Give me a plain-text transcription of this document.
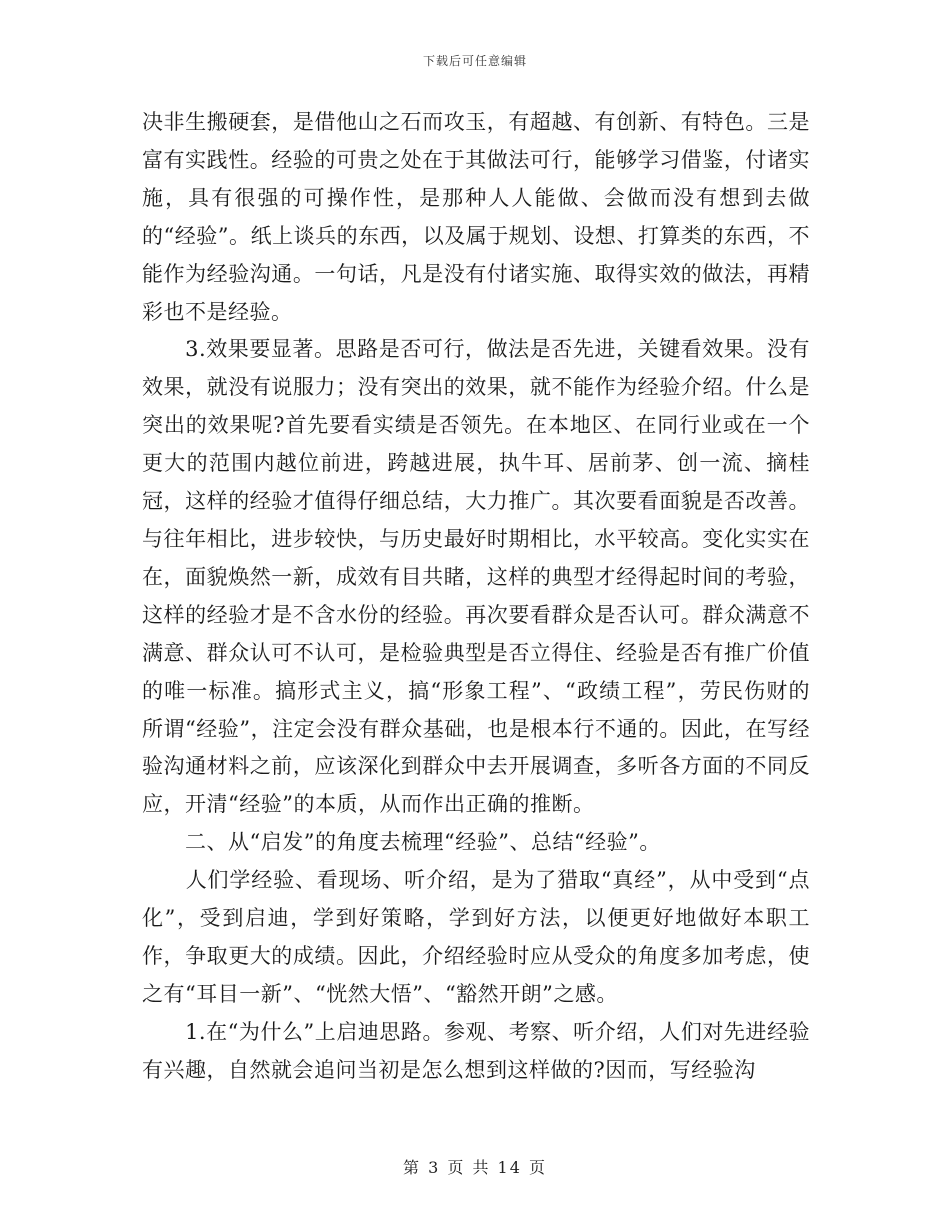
下载后可任意编辑

决非生搬硬套，是借他山之石而攻玉，有超越、有创新、有特色。三是富有实践性。经验的可贵之处在于其做法可行，能够学习借鉴，付诸实施，具有很强的可操作性，是那种人人能做、会做而没有想到去做的“经验”。纸上谈兵的东西，以及属于规划、设想、打算类的东西，不能作为经验沟通。一句话，凡是没有付诸实施、取得实效的做法，再精彩也不是经验。

　　3.效果要显著。思路是否可行，做法是否先进，关键看效果。没有效果，就没有说服力；没有突出的效果，就不能作为经验介绍。什么是突出的效果呢?首先要看实绩是否领先。在本地区、在同行业或在一个更大的范围内越位前进，跨越进展，执牛耳、居前茅、创一流、摘桂冠，这样的经验才值得仔细总结，大力推广。其次要看面貌是否改善。与往年相比，进步较快，与历史最好时期相比，水平较高。变化实实在在，面貌焕然一新，成效有目共睹，这样的典型才经得起时间的考验，这样的经验才是不含水份的经验。再次要看群众是否认可。群众满意不满意、群众认可不认可，是检验典型是否立得住、经验是否有推广价值的唯一标准。搞形式主义，搞“形象工程”、“政绩工程”，劳民伤财的所谓“经验”，注定会没有群众基础，也是根本行不通的。因此，在写经验沟通材料之前，应该深化到群众中去开展调查，多听各方面的不同反应，开清“经验”的本质，从而作出正确的推断。

　　二、从“启发”的角度去梳理“经验”、总结“经验”。

　　人们学经验、看现场、听介绍，是为了猎取“真经”，从中受到“点化”，受到启迪，学到好策略，学到好方法，以便更好地做好本职工作，争取更大的成绩。因此，介绍经验时应从受众的角度多加考虑，使之有“耳目一新”、“恍然大悟”、“豁然开朗”之感。

　　1.在“为什么”上启迪思路。参观、考察、听介绍，人们对先进经验有兴趣，自然就会追问当初是怎么想到这样做的?因而，写经验沟

第 3 页 共 14 页
